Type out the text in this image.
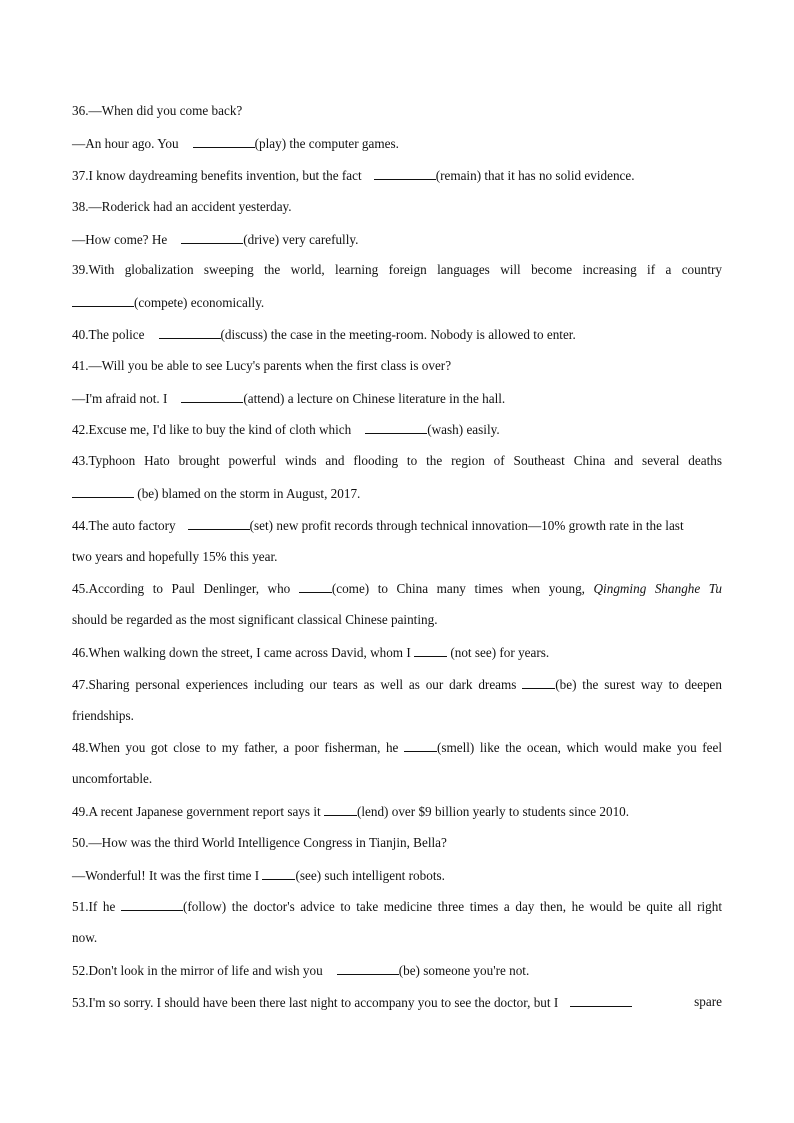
36.—When did you come back?
—An hour ago. You	(play) the computer games.
37.I know daydreaming benefits invention, but the fact	(remain) that it has no solid evidence.
38.—Roderick had an accident yesterday.
—How come? He	(drive) very carefully.
39.With globalization sweeping the world, learning foreign languages will become increasing if a country
(compete) economically.
40.The police	(discuss) the case in the meeting-room. Nobody is allowed to enter.
41.—Will you be able to see Lucy's parents when the first class is over?
—I'm afraid not. I	(attend) a lecture on Chinese literature in the hall.
42.Excuse me, I'd like to buy the kind of cloth which	(wash) easily.
43.Typhoon Hato brought powerful winds and flooding to the region of Southeast China and several deaths
(be) blamed on the storm in August, 2017.
44.The auto factory	(set) new profit records through technical innovation—10% growth rate in the last
two years and hopefully 15% this year.
45.According to Paul Denlinger, who	(come) to China many times when young, Qingming Shanghe Tu
should be regarded as the most significant classical Chinese painting.
46.When walking down the street, I came across David, whom I	(not see) for years.
47.Sharing personal experiences including our tears as well as our dark dreams	(be) the surest way to deepen
friendships.
48.When you got close to my father, a poor fisherman, he	(smell) like the ocean, which would make you feel
uncomfortable.
49.A recent Japanese government report says it	(lend) over $9 billion yearly to students since 2010.
50.—How was the third World Intelligence Congress in Tianjin, Bella?
—Wonderful! It was the first time I	(see) such intelligent robots.
51.If he	(follow) the doctor's advice to take medicine three times a day then, he would be quite all right
now.
52.Don't look in the mirror of life and wish you	(be) someone you're not.
53.I'm so sorry. I should have been there last night to accompany you to see the doctor, but I	spare
